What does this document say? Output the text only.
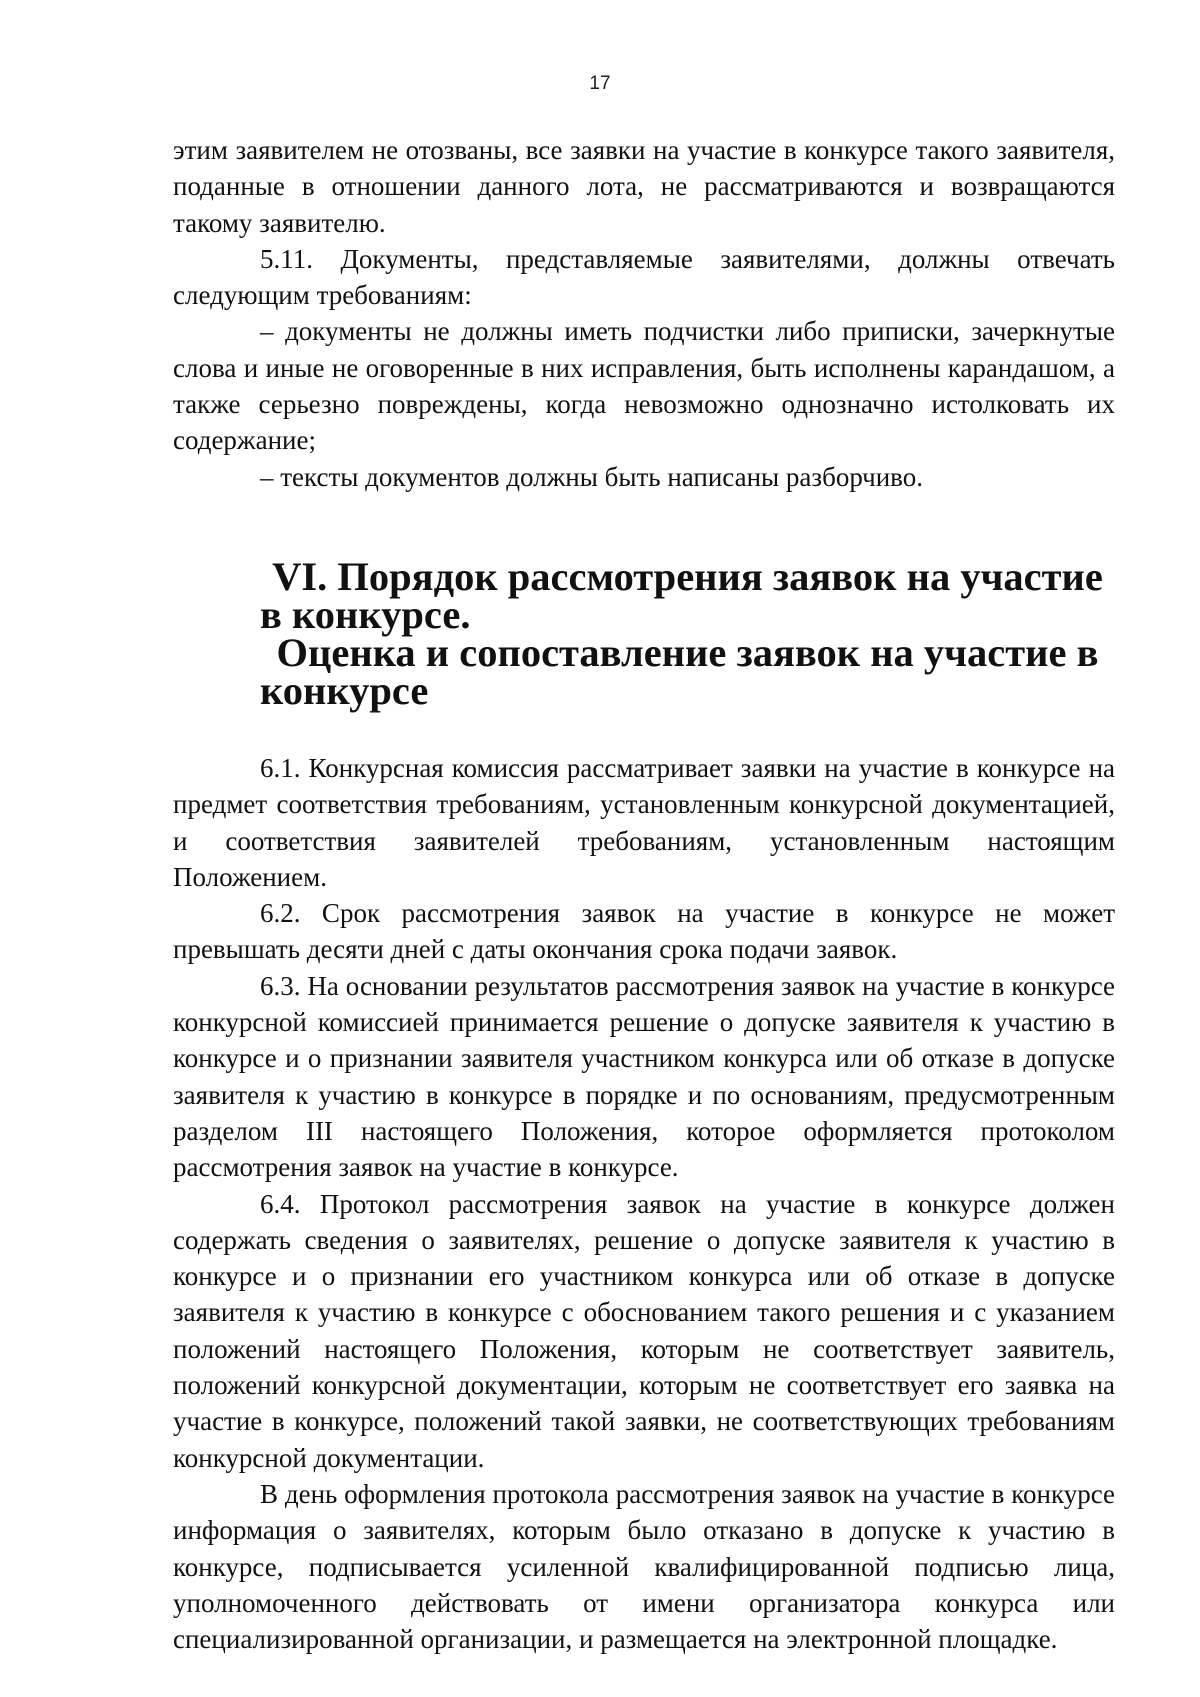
17

этим заявителем не отозваны, все заявки на участие в конкурсе такого заявителя, поданные в отношении данного лота, не рассматриваются и возвращаются такому заявителю.

5.11. Документы, представляемые заявителями, должны отвечать следующим требованиям:

– документы не должны иметь подчистки либо приписки, зачеркнутые слова и иные не оговоренные в них исправления, быть исполнены карандашом, а также серьезно повреждены, когда невозможно однозначно истолковать их содержание;

– тексты документов должны быть написаны разборчиво.

VI. Порядок рассмотрения заявок на участие в конкурсе.
Оценка и сопоставление заявок на участие в конкурсе

6.1. Конкурсная комиссия рассматривает заявки на участие в конкурсе на предмет соответствия требованиям, установленным конкурсной документацией, и соответствия заявителей требованиям, установленным настоящим Положением.

6.2. Срок рассмотрения заявок на участие в конкурсе не может превышать десяти дней с даты окончания срока подачи заявок.

6.3. На основании результатов рассмотрения заявок на участие в конкурсе конкурсной комиссией принимается решение о допуске заявителя к участию в конкурсе и о признании заявителя участником конкурса или об отказе в допуске заявителя к участию в конкурсе в порядке и по основаниям, предусмотренным разделом III настоящего Положения, которое оформляется протоколом рассмотрения заявок на участие в конкурсе.

6.4. Протокол рассмотрения заявок на участие в конкурсе должен содержать сведения о заявителях, решение о допуске заявителя к участию в конкурсе и о признании его участником конкурса или об отказе в допуске заявителя к участию в конкурсе с обоснованием такого решения и с указанием положений настоящего Положения, которым не соответствует заявитель, положений конкурсной документации, которым не соответствует его заявка на участие в конкурсе, положений такой заявки, не соответствующих требованиям конкурсной документации.

В день оформления протокола рассмотрения заявок на участие в конкурсе информация о заявителях, которым было отказано в допуске к участию в конкурсе, подписывается усиленной квалифицированной подписью лица, уполномоченного действовать от имени организатора конкурса или специализированной организации, и размещается на электронной площадке.
